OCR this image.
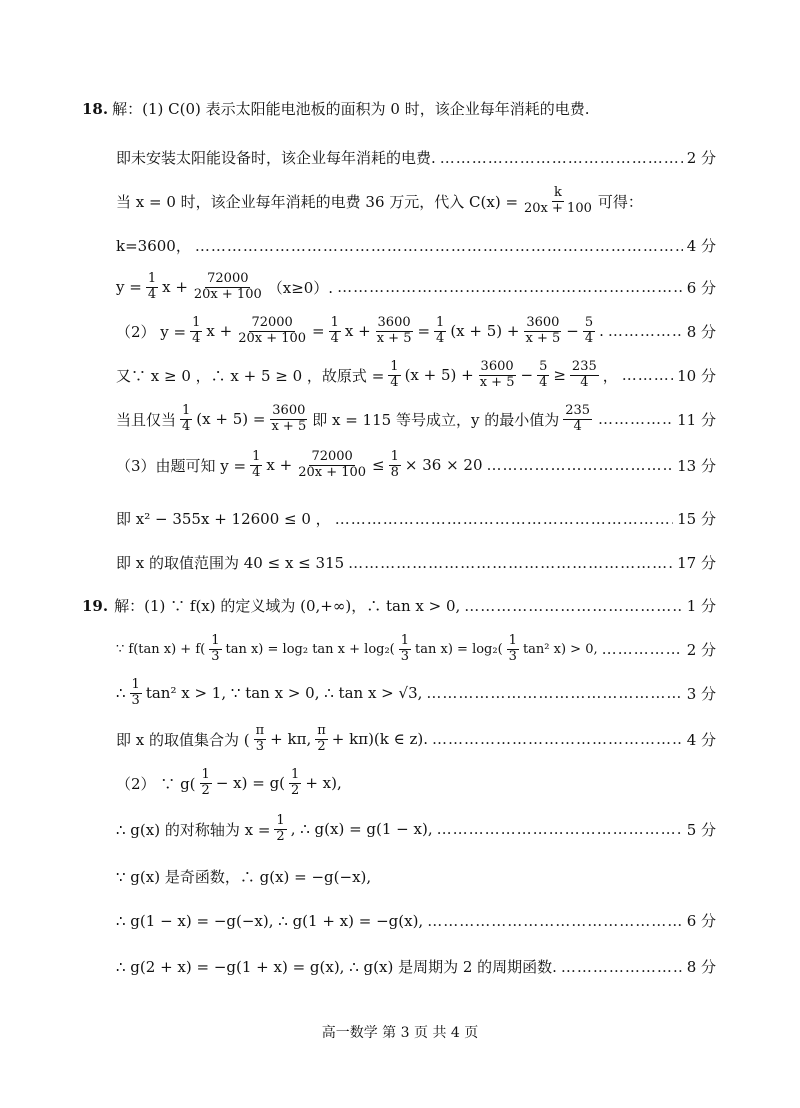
18. 解：(1) C(0) 表示太阳能电池板的面积为 0 时，该企业每年消耗的电费.
即未安装太阳能设备时，该企业每年消耗的电费. ………………………………………………………………………………………………………………………………………………	2 分
当 x = 0 时，该企业每年消耗的电费 36 万元，代入 $C(x) = \frac{k}{20x + 100}$ 可得：
k=3600， ………………………………………………………………………………………………………………………………………………	4 分
$y = \frac{1}{4}$ $x + \frac{72000}{20x + 100} (x\ge 0)$. ………………………………………………………………………………………………………………………………………………	6 分
（2） $y = \frac{1}{4}$ $x + \frac{72000}{20x + 100} = \frac{1}{4}$ $x + \frac{3600}{x + 5} = \frac{1}{4} (x + 5) + \frac{3600}{x + 5} - \frac{5}{4}$ . ………………………………………………………………………………………………………………………………………………	8 分
又∵ x ≥ 0 ，∴ x + 5 ≥ 0 ，故原式 = $\frac{1}{4} (x + 5) + \frac{3600}{x + 5} - \frac{5}{4} \ge \frac{235}{4}$ ， ………………………………………………………………………………………………………………………………………………	10 分
当且仅当 $\frac{1}{4} (x + 5) = \frac{3600}{x + 5}$ 即 x = 115 等号成立，y 的最小值为 $\frac{235}{4}$ ………………………………………………………………………………………………………………………………………………	11 分
（3）由题可知 $y = \frac{1}{4}$ $x + \frac{72000}{20x + 100} \le \frac{1}{8} \times 36 \times 20$ ………………………………………………………………………………………………………………………………………………	13 分
即 x² − 355x + 12600 ≤ 0 ， ………………………………………………………………………………………………………………………………………………	15 分
即 x 的取值范围为 40 ≤ x ≤ 315 ………………………………………………………………………………………………………………………………………………	17 分
19. 解：(1) ∵ f(x) 的定义域为 (0,+∞)，∴ tan x > 0, ………………………………………………………………………………………………………………………………………………	1 分
∵ f(tan $x) + f( \frac{1}{3}$ tan x) = log₂ $\tan x + \log_2( \frac{1}{3}$ $\tan x) = \log_2( \frac{1}{3} \tan^2$ x) > 0, ………………………………………………………………………………………………………………………………………………	2 分
∴ $\frac{1}{3} \tan^2$ x > 1, ∵ tan x > 0, ∴ tan x > √3, ………………………………………………………………………………………………………………………………………………	3 分
即 x 的取值集合为 ( $\frac{\pi}{3} + k\pi$, $\frac{\pi}{2} + k\pi)(k$ ∈ z). ………………………………………………………………………………………………………………………………………………	4 分
（2） ∵ $g( \frac{1}{2} - x) = g( \frac{1}{2} + x)$,
∴ g(x) 的对称轴为 $x = \frac{1}{2}$ , ∴ g(x) = g(1 − x), ………………………………………………………………………………………………………………………………………………	5 分
∵ g(x) 是奇函数，∴ g(x) = −g(−x),
∴ g(1 − x) = −g(−x), ∴ g(1 + x) = −g(x), ………………………………………………………………………………………………………………………………………………	6 分
∴ g(2 + x) = −g(1 + x) = g(x), ∴ g(x) 是周期为 2 的周期函数. ………………………………………………………………………………………………………………………………………………	8 分
高一数学 第 3 页 共 4 页
